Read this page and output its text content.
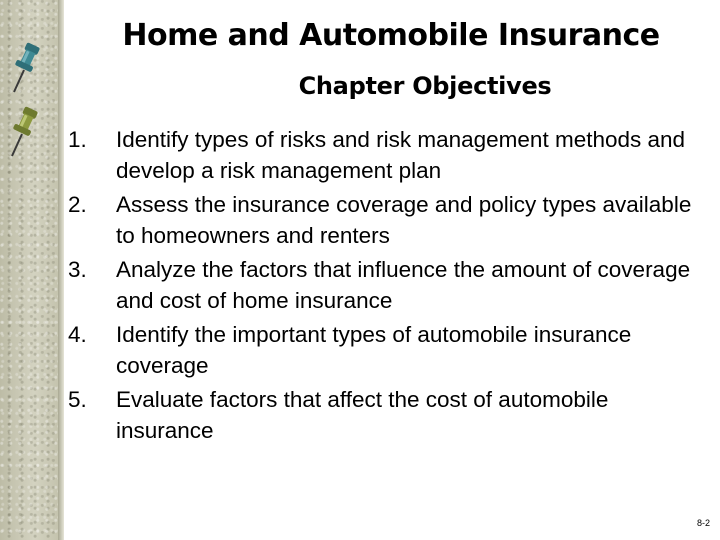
Home and Automobile Insurance
Chapter Objectives
1.	Identify types of risks and risk management methods and develop a risk management plan
2.	Assess the insurance coverage and policy types available to homeowners and renters
3.	Analyze the factors that influence the amount of coverage and cost of home insurance
4.	Identify the important types of automobile insurance coverage
5.	Evaluate factors that affect the cost of automobile insurance
8-2
